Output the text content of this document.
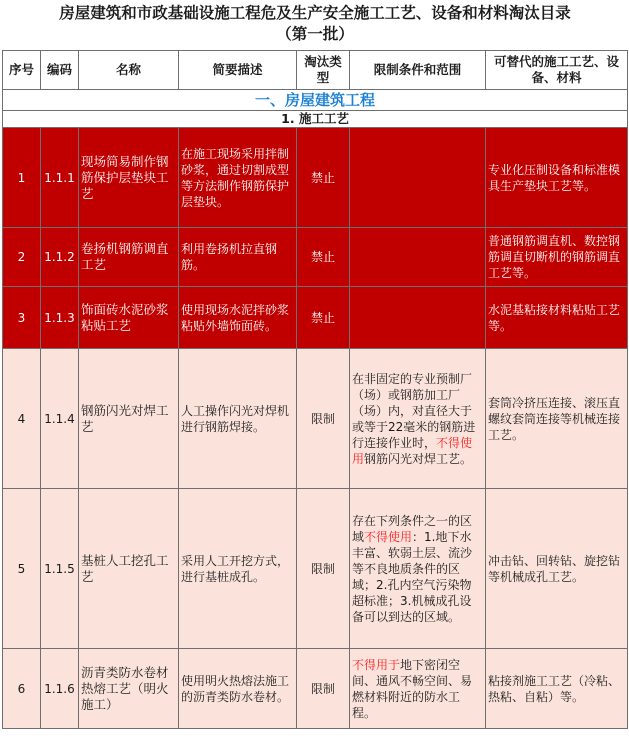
房屋建筑和市政基础设施工程危及生产安全施工工艺、设备和材料淘汰目录
（第一批）						

序号	编码	名称	简要描述	淘汰类型	限制条件和范围	可替代的施工工艺、设备、材料
一、房屋建筑工程						
1. 施工工艺						
1	1.1.1	现场简易制作钢筋保护层垫块工艺	在施工现场采用拌制砂浆，通过切割成型等方法制作钢筋保护层垫块。	禁止		专业化压制设备和标准模具生产垫块工艺等。
2	1.1.2	卷扬机钢筋调直工艺	利用卷扬机拉直钢筋。	禁止		普通钢筋调直机、数控钢筋调直切断机的钢筋调直工艺等。
3	1.1.3	饰面砖水泥砂浆粘贴工艺	使用现场水泥拌砂浆粘贴外墙饰面砖。	禁止		水泥基粘接材料粘贴工艺等。
4	1.1.4	钢筋闪光对焊工艺	人工操作闪光对焊机进行钢筋焊接。	限制	在非固定的专业预制厂（场）或钢筋加工厂（场）内，对直径大于或等于22毫米的钢筋进行连接作业时，不得使用钢筋闪光对焊工艺。	套筒冷挤压连接、滚压直螺纹套筒连接等机械连接工艺。
5	1.1.5	基桩人工挖孔工艺	采用人工开挖方式，进行基桩成孔。	限制	存在下列条件之一的区域不得使用：1.地下水丰富、软弱土层、流沙等不良地质条件的区域；2.孔内空气污染物超标准；3.机械成孔设备可以到达的区域。	冲击钻、回转钻、旋挖钻等机械成孔工艺。
6	1.1.6	沥青类防水卷材热熔工艺（明火施工）	使用明火热熔法施工的沥青类防水卷材。	限制	不得用于地下密闭空间、通风不畅空间、易燃材料附近的防水工程。	粘接剂施工工艺（冷粘、热粘、自粘）等。
